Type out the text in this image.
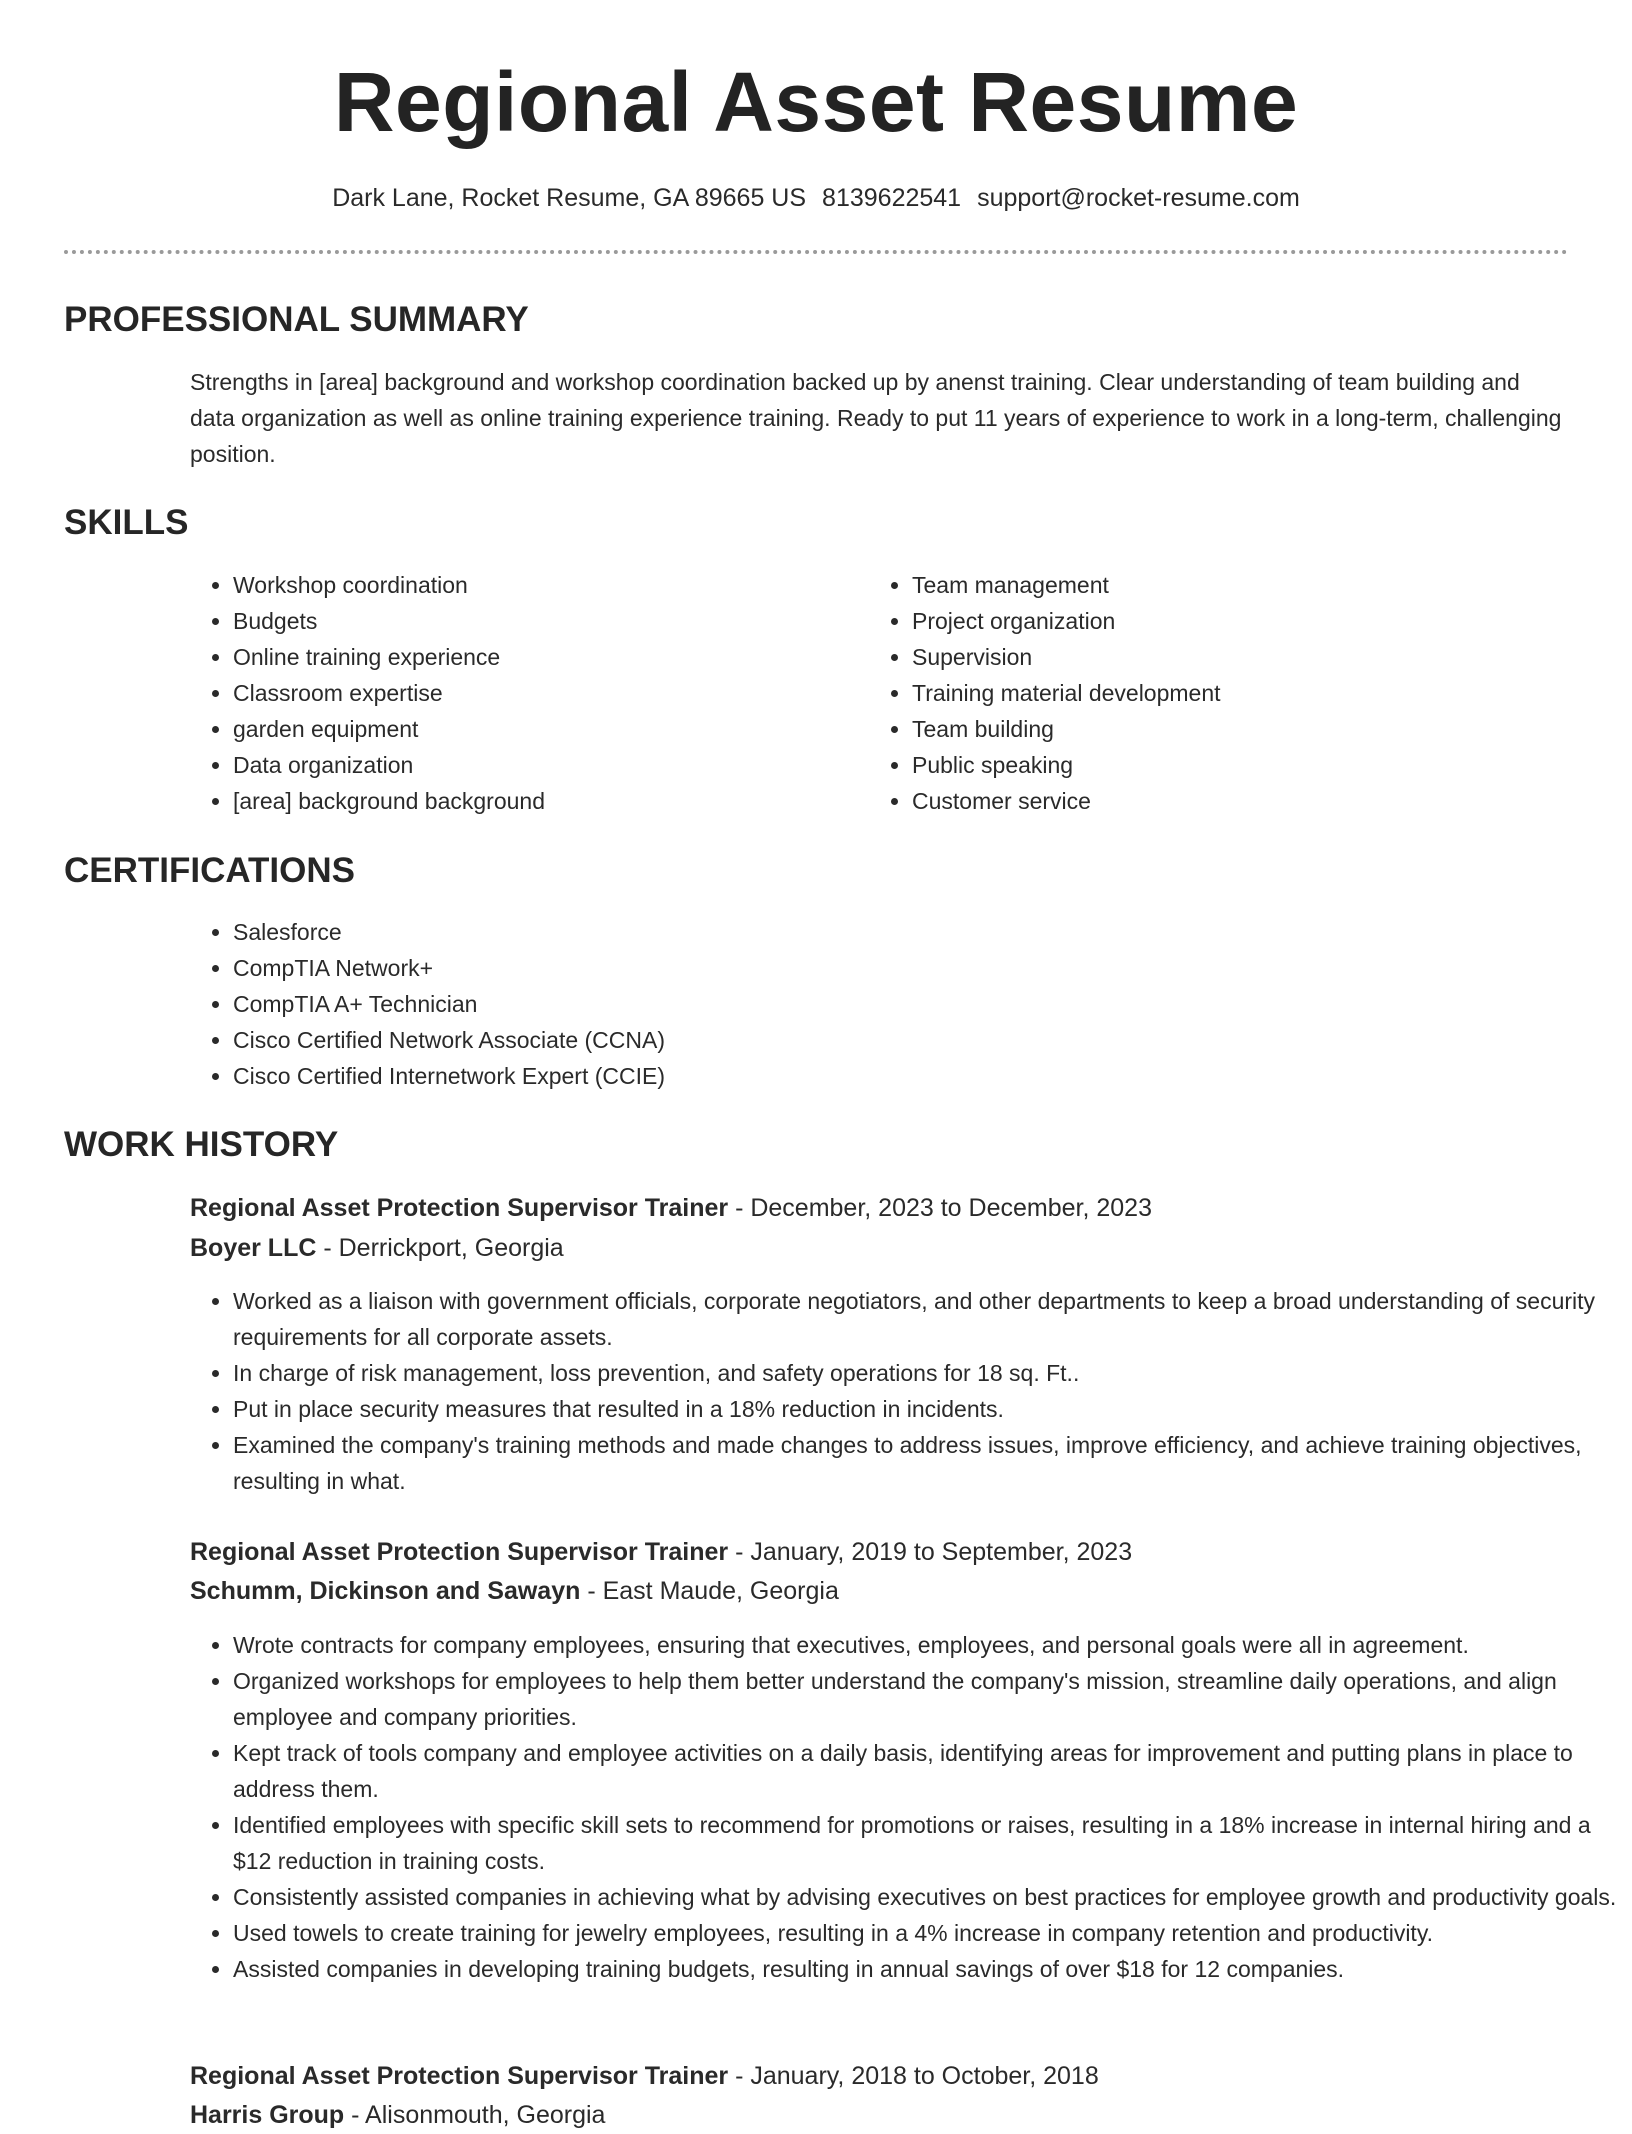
Regional Asset Resume
Dark Lane, Rocket Resume, GA 89665 US 8139622541 support@rocket-resume.com
PROFESSIONAL SUMMARY

Strengths in [area] background and workshop coordination backed up by anenst training. Clear understanding of team building and data organization as well as online training experience training. Ready to put 11 years of experience to work in a long-term, challenging position.

SKILLS
• Workshop coordination
• Budgets
• Online training experience
• Classroom expertise
• garden equipment
• Data organization
• [area] background background
• Team management
• Project organization
• Supervision
• Training material development
• Team building
• Public speaking
• Customer service
CERTIFICATIONS
• Salesforce
• CompTIA Network+
• CompTIA A+ Technician
• Cisco Certified Network Associate (CCNA)
• Cisco Certified Internetwork Expert (CCIE)
WORK HISTORY
Regional Asset Protection Supervisor Trainer - December, 2023 to December, 2023
Boyer LLC - Derrickport, Georgia
• Worked as a liaison with government officials, corporate negotiators, and other departments to keep a broad understanding of security requirements for all corporate assets.
• In charge of risk management, loss prevention, and safety operations for 18 sq. Ft..
• Put in place security measures that resulted in a 18% reduction in incidents.
• Examined the company's training methods and made changes to address issues, improve efficiency, and achieve training objectives, resulting in what.
Regional Asset Protection Supervisor Trainer - January, 2019 to September, 2023
Schumm, Dickinson and Sawayn - East Maude, Georgia
• Wrote contracts for company employees, ensuring that executives, employees, and personal goals were all in agreement.
• Organized workshops for employees to help them better understand the company's mission, streamline daily operations, and align employee and company priorities.
• Kept track of tools company and employee activities on a daily basis, identifying areas for improvement and putting plans in place to address them.
• Identified employees with specific skill sets to recommend for promotions or raises, resulting in a 18% increase in internal hiring and a $12 reduction in training costs.
• Consistently assisted companies in achieving what by advising executives on best practices for employee growth and productivity goals.
• Used towels to create training for jewelry employees, resulting in a 4% increase in company retention and productivity.
• Assisted companies in developing training budgets, resulting in annual savings of over $18 for 12 companies.
Regional Asset Protection Supervisor Trainer - January, 2018 to October, 2018
Harris Group - Alisonmouth, Georgia
